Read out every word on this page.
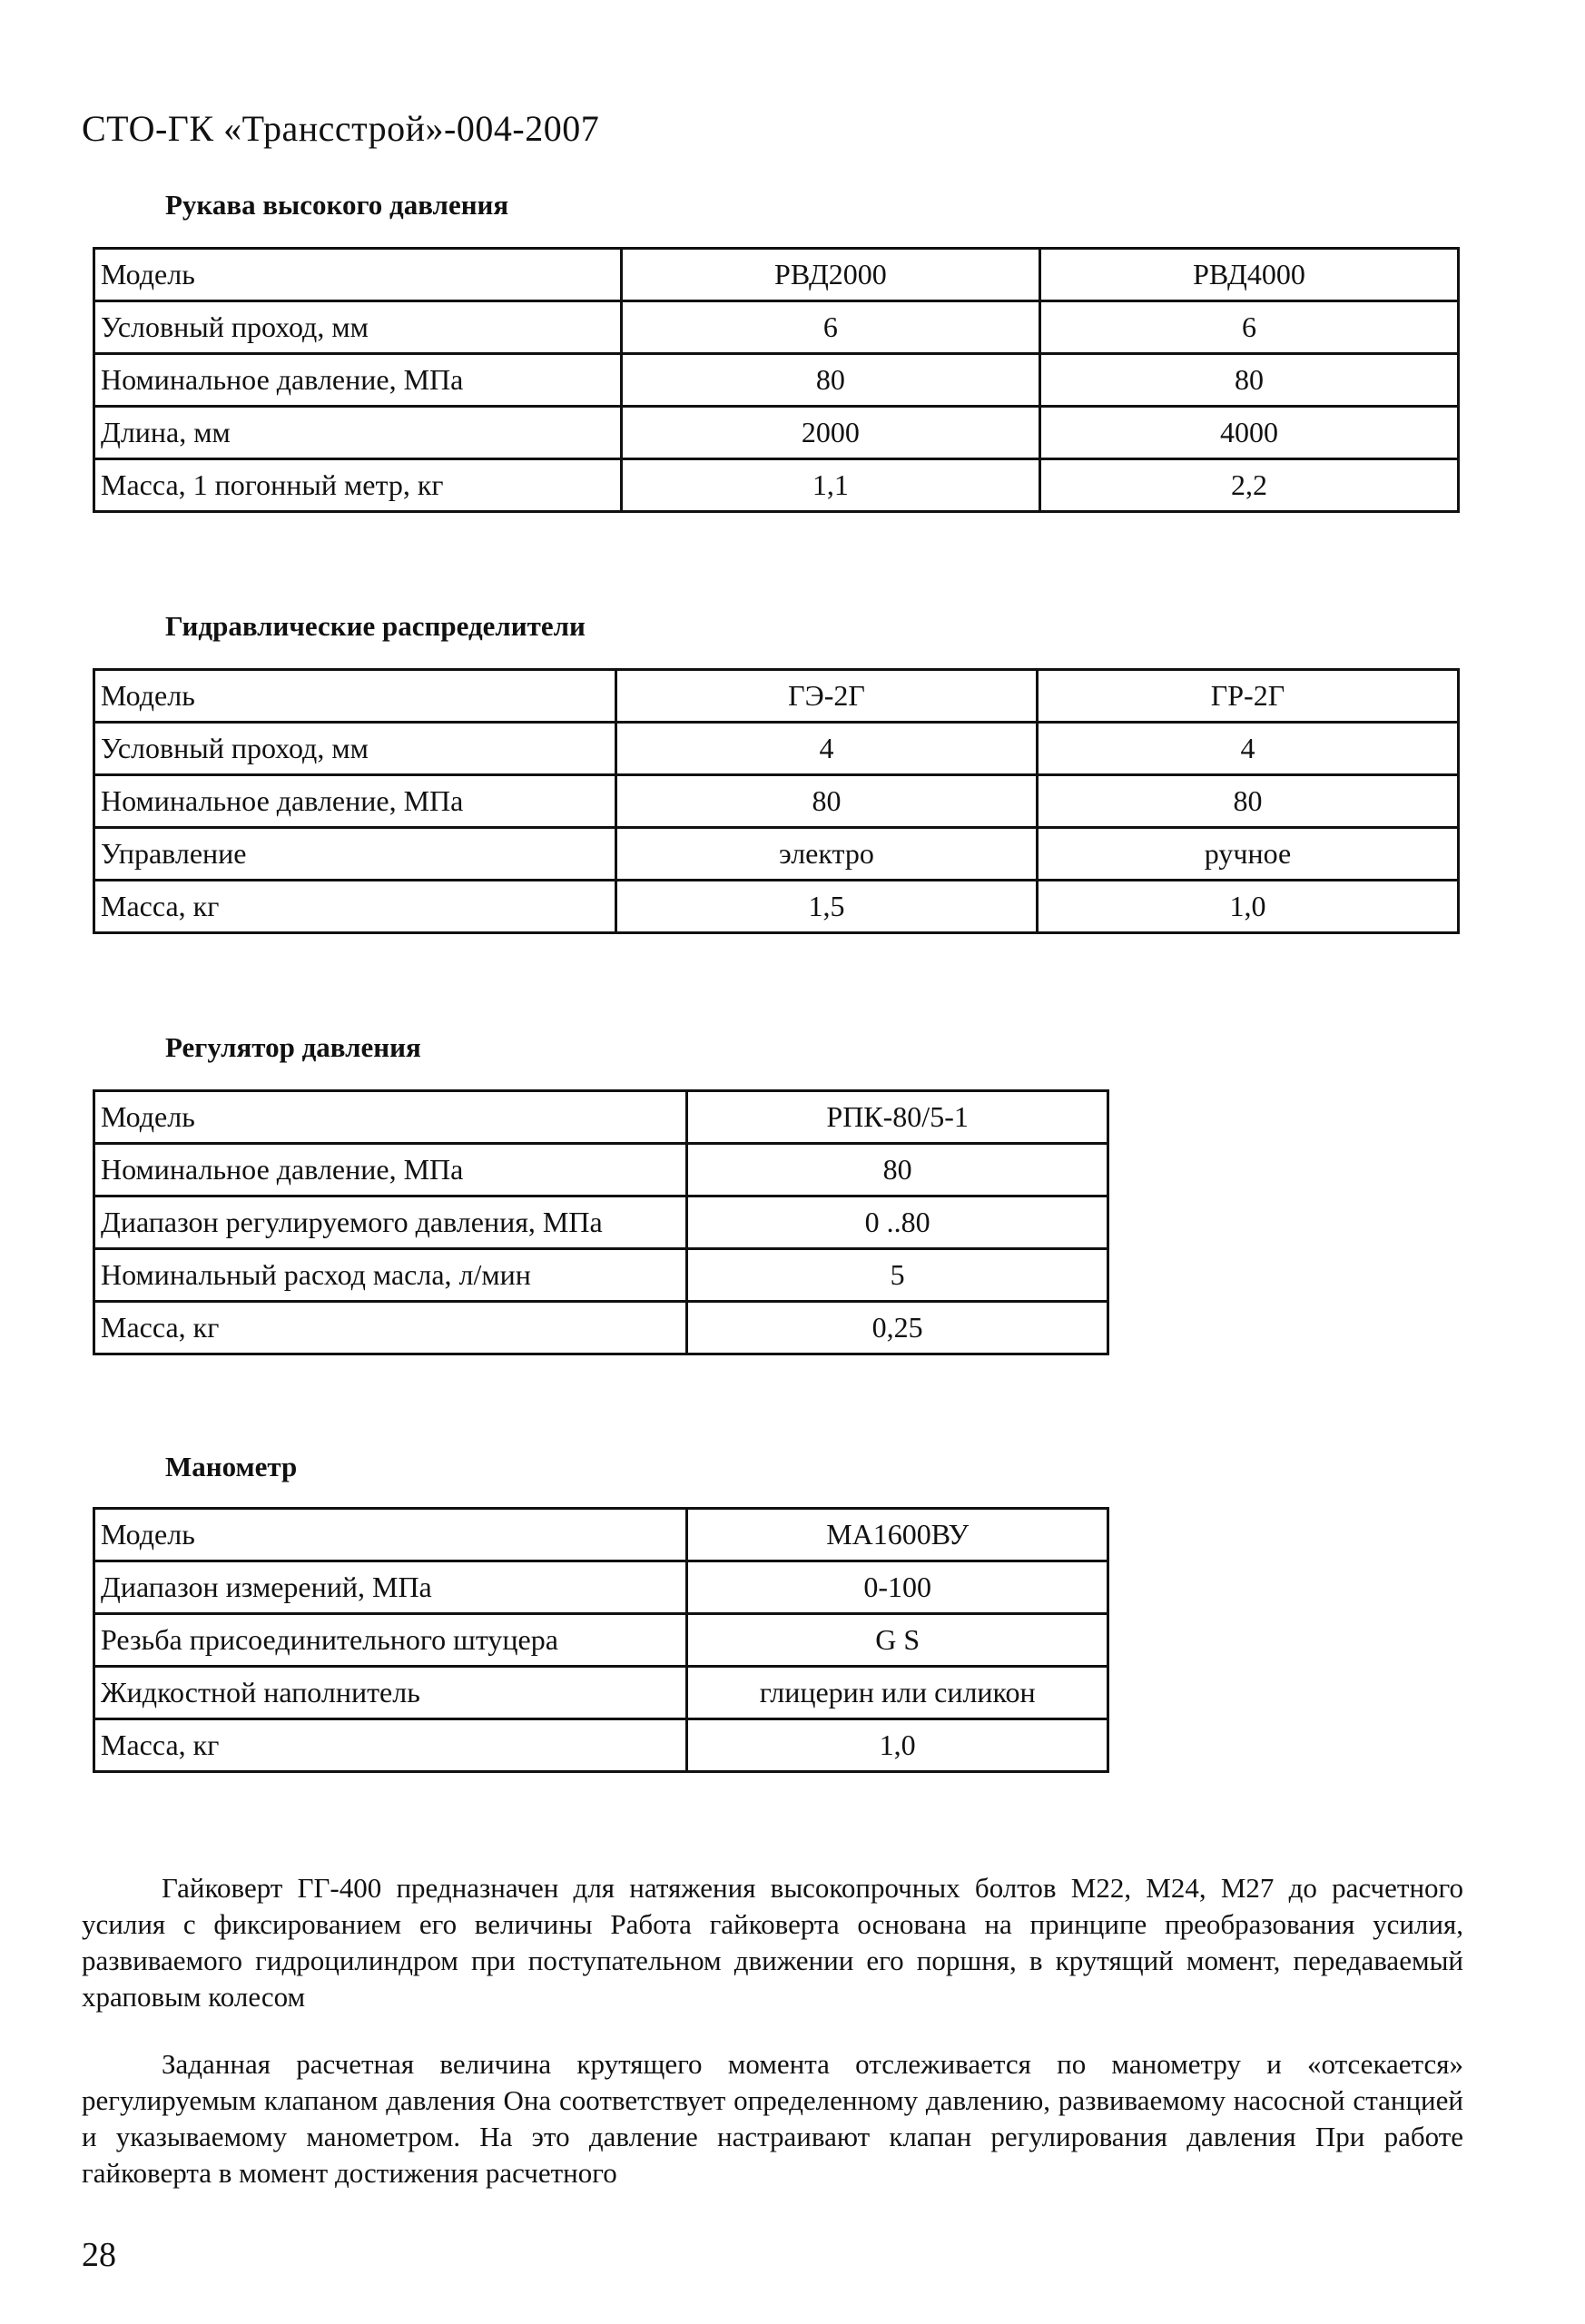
СТО-ГК «Трансстрой»-004-2007
Рукава высокого давления
Модель	РВД2000	РВД4000
Условный проход, мм	6	6
Номинальное давление, МПа	80	80
Длина, мм	2000	4000
Масса, 1 погонный метр, кг	1,1	2,2
Гидравлические распределители
Модель	ГЭ-2Г	ГР-2Г
Условный проход, мм	4	4
Номинальное давление, МПа	80	80
Управление	электро	ручное
Масса, кг	1,5	1,0
Регулятор давления
Модель	РПК-80/5-1
Номинальное давление, МПа	80
Диапазон регулируемого давления, МПа	0 ..80
Номинальный расход масла, л/мин	5
Масса, кг	0,25
Манометр
Модель	МА1600ВУ
Диапазон измерений, МПа	0-100
Резьба присоединительного штуцера	G S
Жидкостной наполнитель	глицерин или силикон
Масса, кг	1,0

Гайковерт ГГ-400 предназначен для натяжения высокопрочных болтов М22, М24, М27 до расчетного усилия с фиксированием его величины Работа гайковерта основана на принципе преобразования усилия, развиваемого гидроцилиндром при поступательном движении его поршня, в крутящий момент, передаваемый храповым колесом

Заданная расчетная величина крутящего момента отслеживается по манометру и «отсекается» регулируемым клапаном давления Она соответствует определенному давлению, развиваемому насосной станцией и указываемому манометром. На это давление настраивают клапан регулирования давления При работе гайковерта в момент достижения расчетного

28
